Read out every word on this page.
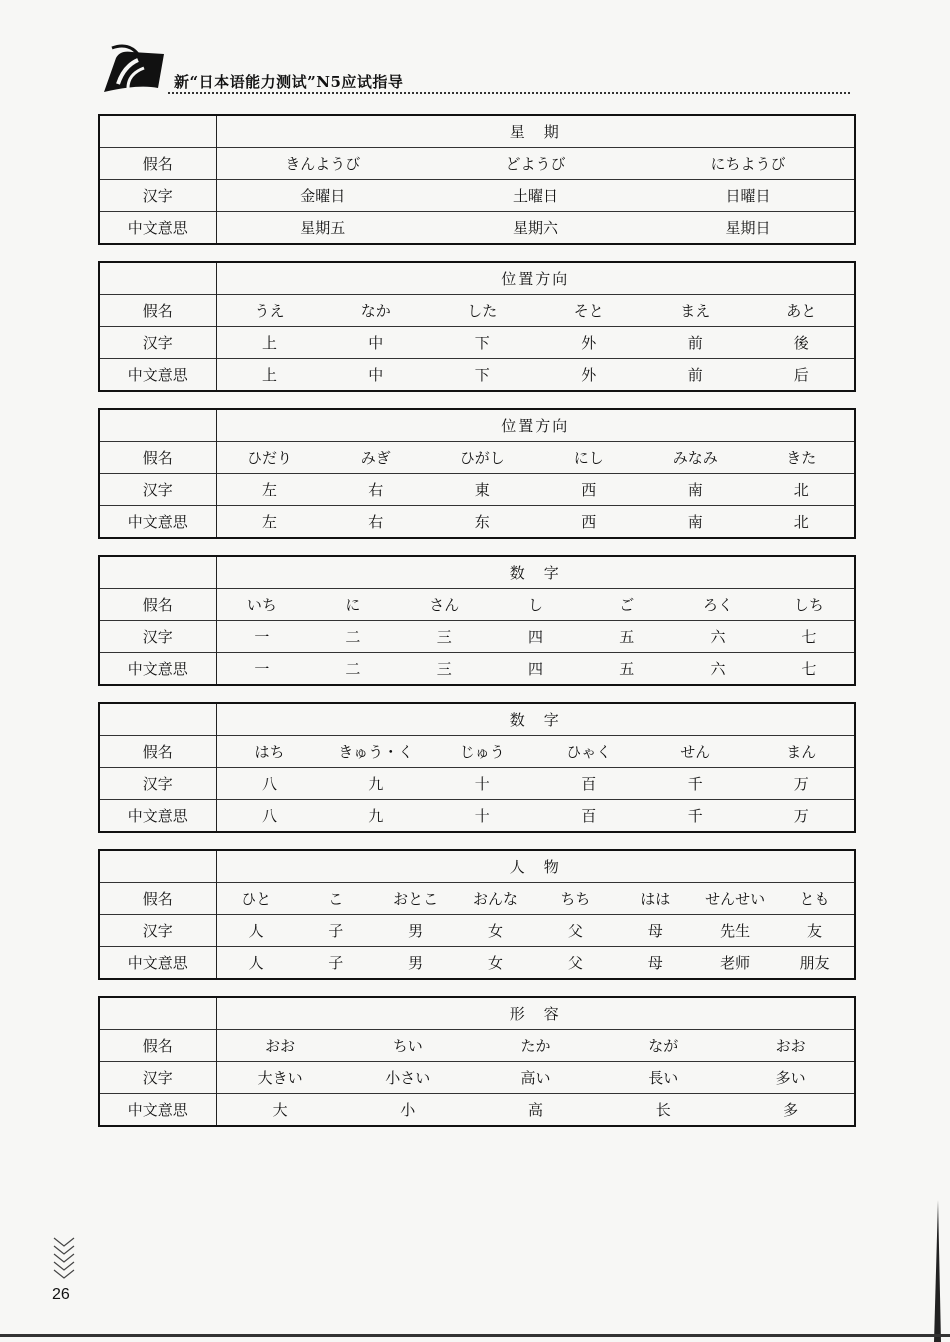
新“日本语能力测试”N5应试指导
	星　期		
假名	きんようび	どようび	にちようび
汉字	金曜日	土曜日	日曜日
中文意思	星期五	星期六	星期日
	位置方向					
假名	うえ	なか	した	そと	まえ	あと
汉字	上	中	下	外	前	後
中文意思	上	中	下	外	前	后
	位置方向					
假名	ひだり	みぎ	ひがし	にし	みなみ	きた
汉字	左	右	東	西	南	北
中文意思	左	右	东	西	南	北
	数　字						
假名	いち	に	さん	し	ご	ろく	しち
汉字	一	二	三	四	五	六	七
中文意思	一	二	三	四	五	六	七
	数　字					
假名	はち	きゅう・く	じゅう	ひゃく	せん	まん
汉字	八	九	十	百	千	万
中文意思	八	九	十	百	千	万
	人　物							
假名	ひと	こ	おとこ	おんな	ちち	はは	せんせい	とも
汉字	人	子	男	女	父	母	先生	友
中文意思	人	子	男	女	父	母	老师	朋友
	形　容				
假名	おお	ちい	たか	なが	おお
汉字	大きい	小さい	高い	長い	多い
中文意思	大	小	高	长	多
26
